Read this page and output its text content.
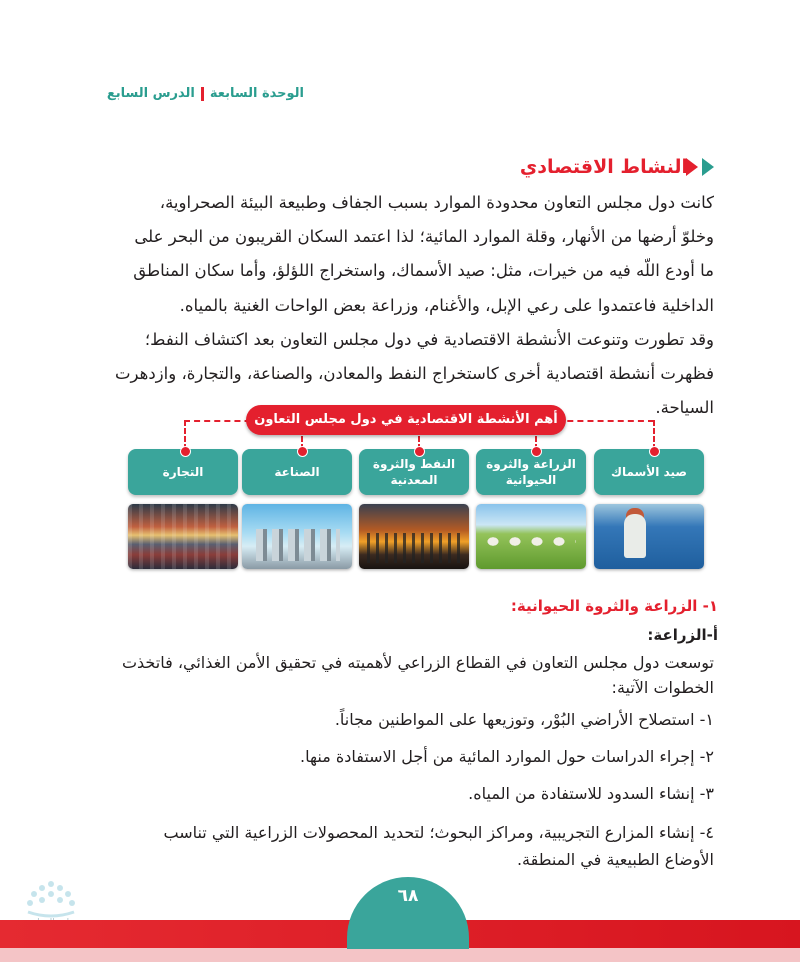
الوحدة السابعةالدرس السابع
النشاط الاقتصادي

كانت دول مجلس التعاون محدودة الموارد بسبب الجفاف وطبيعة البيئة الصحراوية،

وخلوّ أرضها من الأنهار، وقلة الموارد المائية؛ لذا اعتمد السكان القريبون من البحر على

ما أودع اللّه فيه من خيرات، مثل: صيد الأسماك، واستخراج اللؤلؤ، وأما سكان المناطق

الداخلية فاعتمدوا على رعي الإبل، والأغنام، وزراعة بعض الواحات الغنية بالمياه.

وقد تطورت وتنوعت الأنشطة الاقتصادية في دول مجلس التعاون بعد اكتشاف النفط؛

فظهرت أنشطة اقتصادية أخرى كاستخراج النفط والمعادن، والصناعة، والتجارة، وازدهرت

السياحة.

أهم الأنشطة الاقتصادية في دول مجلس التعاون
صيد الأسماك
الزراعة والثروة الحيوانية
النفط والثروة المعدنية
الصناعة
التجارة
١- الزراعة والثروة الحيوانية:
أ-الزراعة:

توسعت دول مجلس التعاون في القطاع الزراعي لأهميته في تحقيق الأمن الغذائي، فاتخذت

الخطوات الآتية:

١- استصلاح الأراضي البُوْر، وتوزيعها على المواطنين مجاناً.

٢- إجراء الدراسات حول الموارد المائية من أجل الاستفادة منها.

٣- إنشاء السدود للاستفادة من المياه.

٤- إنشاء المزارع التجريبية، ومراكز البحوث؛ لتحديد المحصولات الزراعية التي تناسب

الأوضاع الطبيعية في المنطقة.

٦٨
